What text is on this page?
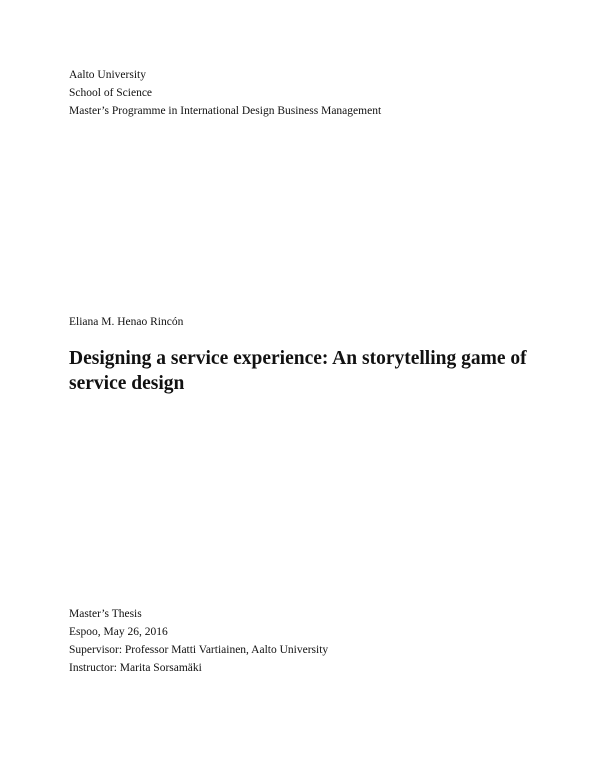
Aalto University
School of Science
Master’s Programme in International Design Business Management
Eliana M. Henao Rincón
Designing a service experience: An storytelling game of service design
Master’s Thesis
Espoo, May 26, 2016
Supervisor: Professor Matti Vartiainen, Aalto University
Instructor: Marita Sorsamäki
